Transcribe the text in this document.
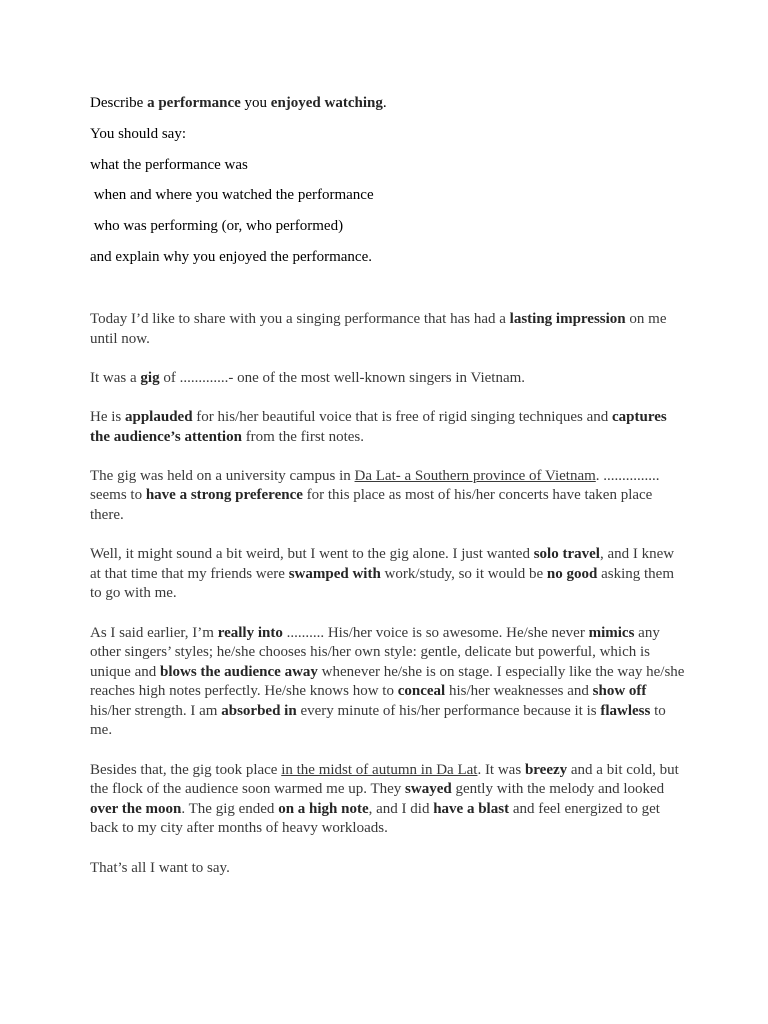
Describe a performance you enjoyed watching.

You should say:

what the performance was

when and where you watched the performance

who was performing (or, who performed)

and explain why you enjoyed the performance.

Today I’d like to share with you a singing performance that has had a lasting impression on me until now.

It was a gig of .............- one of the most well-known singers in Vietnam.

He is applauded for his/her beautiful voice that is free of rigid singing techniques and captures the audience’s attention from the first notes.

The gig was held on a university campus in Da Lat- a Southern province of Vietnam. ............... seems to have a strong preference for this place as most of his/her concerts have taken place there.

Well, it might sound a bit weird, but I went to the gig alone. I just wanted solo travel, and I knew at that time that my friends were swamped with work/study, so it would be no good asking them to go with me.

As I said earlier, I’m really into .......... His/her voice is so awesome. He/she never mimics any other singers’ styles; he/she chooses his/her own style: gentle, delicate but powerful, which is unique and blows the audience away whenever he/she is on stage. I especially like the way he/she reaches high notes perfectly. He/she knows how to conceal his/her weaknesses and show off his/her strength. I am absorbed in every minute of his/her performance because it is flawless to me.

Besides that, the gig took place in the midst of autumn in Da Lat. It was breezy and a bit cold, but the flock of the audience soon warmed me up. They swayed gently with the melody and looked over the moon. The gig ended on a high note, and I did have a blast and feel energized to get back to my city after months of heavy workloads.

That’s all I want to say.
